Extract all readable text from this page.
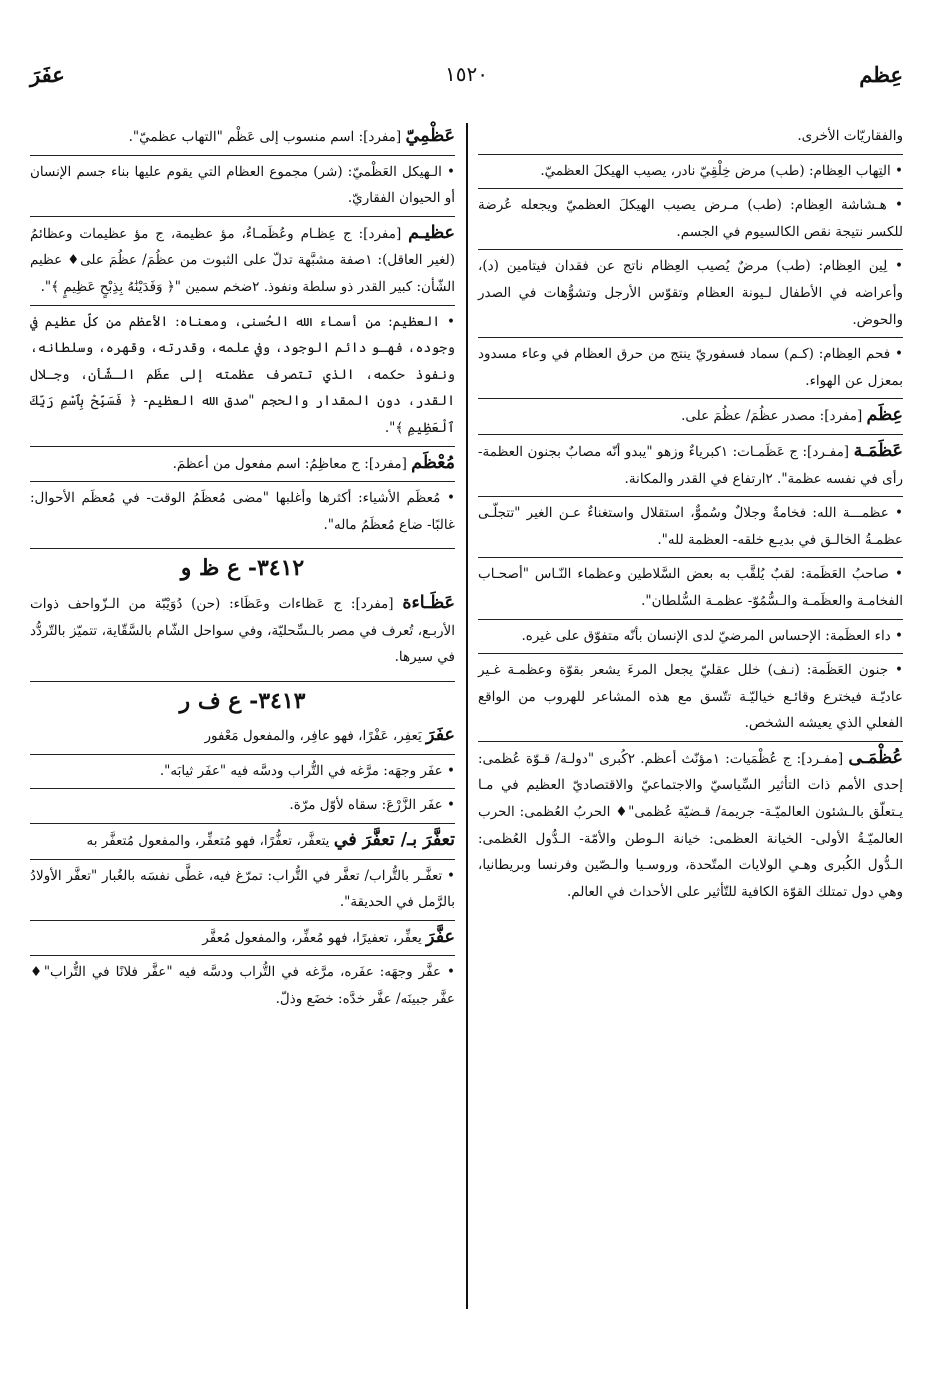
عِظم
١٥٢٠
عفَرَ

والفقاريّات الأخرى.

• التِهاب العِظام: (طب) مرض خِلْقِيّ نادر، يصيب الهيكلَ العظميّ.

• هـشاشة العِظام: (طب) مـرض يصيب الهيكلَ العظميّ ويجعله عُرضة للكسر نتيجة نقص الكالسيوم في الجسم.

• لِين العِظام: (طب) مرضٌ يُصيب العِظام ناتج عن فقدان فيتامين (د)، وأعراضه في الأطفال لـيونة العظام وتقوّس الأرجل وتشوُّهات في الصدر والحوض.

• فحم العِظام: (كـم) سماد فسفوريّ ينتج من حرق العظام في وعاء مسدود بمعزل عن الهواء.

عِظَم [مفرد]: مصدر عظُمَ/ عظُمَ على.

عَظَمَـة [مفـرد]: ج عَظَمـات: ١كبرياءٌ وزهو "يبدو أنّه مصابٌ بجنون العظمة- رأى في نفسه عظمة". ٢ارتفاع في القدر والمكانة.

• عظمـــة الله: فخامةٌ وجلالٌ وسُموٌّ، استقلال واستغناءٌ عـن الغير "تتجلّـى عظمـةُ الخالـق في بديـع خلقه- العظمة لله".

• صاحبُ العَظَمة: لقبٌ يُلقَّب به بعض السَّلاطين وعظماء النّـاس "أصحـاب الفخامـة والعظَمـة والـسُّمُوّ- عظمـة السُّلطان".

• داء العظَمة: الإحساس المرضيّ لدى الإنسان بأنّه متفوّق على غيره.

• جنون العَظَمة: (نـف) خلل عقليّ يجعل المرءَ يشعر بقوّة وعظمـة غـير عاديّـة فيخترع وقائـع خياليّـة تتّسق مع هذه المشاعر للهروب من الواقع الفعلي الذي يعيشه الشخص.

عُظْمَـى [مفـرد]: ج عُظْمَيات: ١مؤنّث أعظم. ٢كُبرى "دولـة/ قـوّة عُظمى: إحدى الأمم ذات التأثير السِّياسيّ والاجتماعيّ والاقتصاديّ العظيم في مـا يـتعلّق بالـشئون العالميّـة- جريمة/ قـضيّة عُظمى"♦ الحربُ العُظمى: الحرب العالميّـةُ الأولى- الخيانة العظمى: خيانة الـوطن والأمّة- الـدُّول العُظمى: الـدُّول الكُبرى وهـي الولايات المتّحدة، وروسـيا والـصّين وفرنسا وبريطانيا، وهي دول تمتلك القوّة الكافية للتّأثير على الأحداث في العالم.

عَظْمِيّ [مفرد]: اسم منسوب إلى عَظْم "التهاب عظميّ".

• الـهيكل العَظْميّ: (شر) مجموع العظام التي يقوم عليها بناء جسم الإنسان أو الحيوان الفقاريّ.

عظيـم [مفرد]: ج عِظـام وعُظَمـاءُ، مؤ عظيمة، ج مؤ عظيمات وعظائمُ (لغير العاقل): ١صفة مشبَّهة تدلّ على الثبوت من عظُمَ/ عظُمَ على♦ عظيم الشّأن: كبير القدر ذو سلطة ونفوذ. ٢ضخم سمين "﴿ وَفَدَيْنَٰهُ بِذِبْحٍ عَظِيمٍ ﴾".

• العظيم: من أسماء الله الحُسنى، ومعناه: الأعظم من كلّ عظيم في وجوده، فهـو دائم الوجود، وفي علمه، وقدرته، وقهره، وسلطانه، ونفوذ حكمه، الذي تتصرف عظمته إلى عظَم الـشّأن، وجـلال القدر، دون المقدار والحجم "صدق الله العظيم- ﴿ فَسَبِّحْ بِٱسْمِ رَبِّكَ ٱلْعَظِيمِ ﴾".

مُعْظَم [مفرد]: ج معاظِمُ: اسم مفعول من أعظمَ.

• مُعظَم الأشياء: أكثرها وأغلبها "مضى مُعظَمُ الوقت- في مُعظَم الأحوال: غالبًا- ضاع مُعظَمُ ماله".

٣٤١٢- ع ظ و

عَظَـاءة [مفرد]: ج عَظاءات وعَظَاء: (حن) دُوَيْبّة من الـزّواحف ذوات الأربـع، تُعرف في مصر بالـسِّحليّة، وفي سواحل الشّام بالسَّقّاية، تتميّز بالتّردُّد في سيرها.

٣٤١٣- ع ف ر

عفَرَ يَعفِر، عَفْرًا، فهو عافِر، والمفعول مَعْفور

• عفَر وجهَه: مرَّغه في التُّراب ودسَّه فيه "عفَر ثيابَه".

• عفَر الزَّرْعَ: سقاه لأوّل مرّة.

تعفَّرَ بـ/ تعفَّرَ في يتعفَّر، تعفُّرًا، فهو مُتعفِّر، والمفعول مُتعفَّر به

• تعفَّـر بالتُّراب/ تعفَّر في التُّراب: تمرّغ فيه، غطَّى نفسَه بالغُبار "تعفَّر الأولادُ بالرَّمل في الحديقة".

عفَّرَ يعفِّر، تعفيرًا، فهو مُعفِّر، والمفعول مُعفَّر

• عفَّر وجهَه: عفَره، مرَّغه في التُّراب ودسَّه فيه "عفَّر فلانًا في التُّراب"♦ عفَّر جبينَه/ عفَّر خدَّه: خضَع وذلّ.
